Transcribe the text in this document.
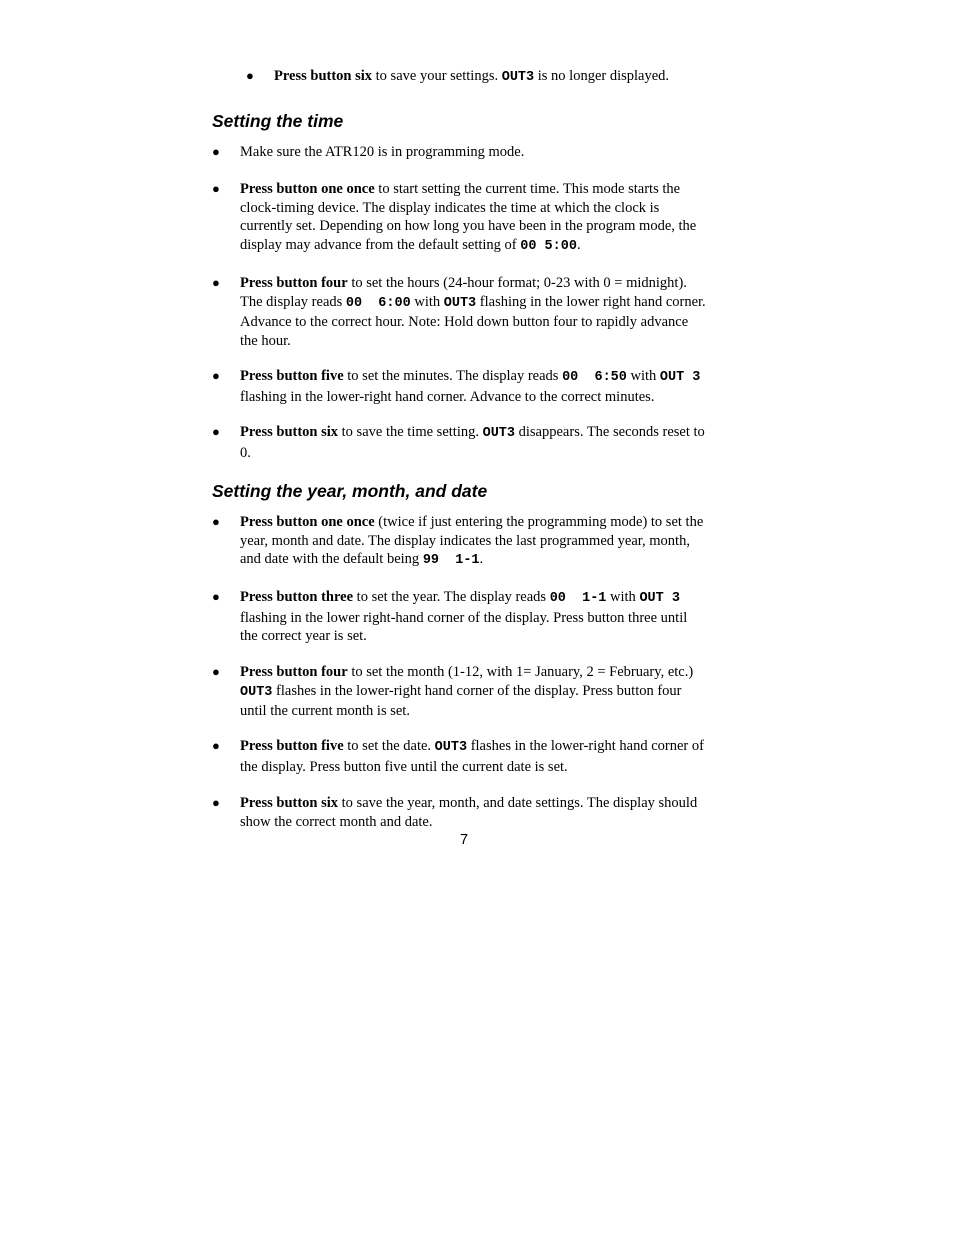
● Press button six to save your settings. OUT3 is no longer displayed.
Setting the time
● Make sure the ATR120 is in programming mode.
● Press button one once to start setting the current time. This mode starts the
clock-timing device. The display indicates the time at which the clock is
currently set. Depending on how long you have been in the program mode, the
display may advance from the default setting of 00 5:00.
● Press button four to set the hours (24-hour format; 0-23 with 0 = midnight).
The display reads 00  6:00 with OUT3 flashing in the lower right hand corner.
Advance to the correct hour. Note: Hold down button four to rapidly advance
the hour.
● Press button five to set the minutes. The display reads 00  6:50 with OUT 3
flashing in the lower-right hand corner. Advance to the correct minutes.
● Press button six to save the time setting. OUT3 disappears. The seconds reset to
0.
Setting the year, month, and date
● Press button one once (twice if just entering the programming mode) to set the
year, month and date. The display indicates the last programmed year, month,
and date with the default being 99  1-1.
● Press button three to set the year. The display reads 00  1-1 with OUT 3
flashing in the lower right-hand corner of the display. Press button three until
the correct year is set.
● Press button four to set the month (1-12, with 1= January, 2 = February, etc.)
OUT3 flashes in the lower-right hand corner of the display. Press button four
until the current month is set.
● Press button five to set the date. OUT3 flashes in the lower-right hand corner of
the display. Press button five until the current date is set.
● Press button six to save the year, month, and date settings. The display should
show the correct month and date.
7
